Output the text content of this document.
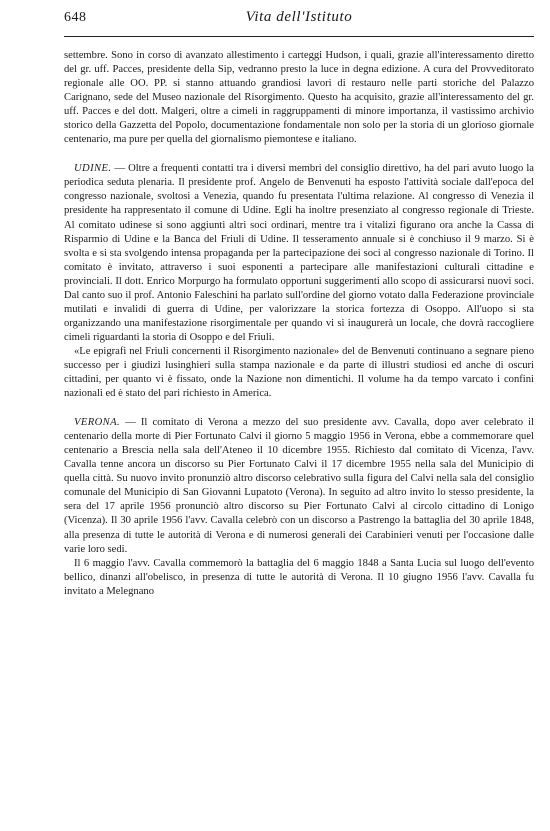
648	Vita dell'Istituto

settembre. Sono in corso di avanzato allestimento i carteggi Hudson, i quali, grazie all'interessamento diretto del gr. uff. Pacces, presidente della Sip, vedranno presto la luce in degna edizione. A cura del Provveditorato regionale alle OO. PP. si stanno attuando grandiosi lavori di restauro nelle parti storiche del Palazzo Carignano, sede del Museo nazionale del Risorgimento. Questo ha acquisito, grazie all'interessamento del gr. uff. Pacces e del dott. Malgeri, oltre a cimeli in raggruppamenti di minore importanza, il vastissimo archivio storico della Gazzetta del Popolo, documentazione fondamentale non solo per la storia di un glorioso giornale centenario, ma pure per quella del giornalismo piemontese e italiano.

UDINE. — Oltre a frequenti contatti tra i diversi membri del consiglio direttivo, ha del pari avuto luogo la periodica seduta plenaria. Il presidente prof. Angelo de Benvenuti ha esposto l'attività sociale dall'epoca del congresso nazionale, svoltosi a Venezia, quando fu presentata l'ultima relazione. Al congresso di Venezia il presidente ha rappresentato il comune di Udine. Egli ha inoltre presenziato al congresso regionale di Trieste. Al comitato udinese si sono aggiunti altri soci ordinari, mentre tra i vitalizi figurano ora anche la Cassa di Risparmio di Udine e la Banca del Friuli di Udine. Il tesseramento annuale si è conchiuso il 9 marzo. Si è svolta e si sta svolgendo intensa propaganda per la partecipazione dei soci al congresso nazionale di Torino. Il comitato è invitato, attraverso i suoi esponenti a partecipare alle manifestazioni culturali cittadine e provinciali. Il dott. Enrico Morpurgo ha formulato opportuni suggerimenti allo scopo di assicurarsi nuovi soci. Dal canto suo il prof. Antonio Faleschini ha parlato sull'ordine del giorno votato dalla Federazione provinciale mutilati e invalidi di guerra di Udine, per valorizzare la storica fortezza di Osoppo. All'uopo si sta organizzando una manifestazione risorgimentale per quando vi si inaugurerà un locale, che dovrà raccogliere cimeli riguardanti la storia di Osoppo e del Friuli.

«Le epigrafi nel Friuli concernenti il Risorgimento nazionale» del de Benvenuti continuano a segnare pieno successo per i giudizi lusinghieri sulla stampa nazionale e da parte di illustri studiosi ed anche di oscuri cittadini, per quanto vi è fissato, onde la Nazione non dimentichi. Il volume ha da tempo varcato i confini nazionali ed è stato del pari richiesto in America.

VERONA. — Il comitato di Verona a mezzo del suo presidente avv. Cavalla, dopo aver celebrato il centenario della morte di Pier Fortunato Calvi il giorno 5 maggio 1956 in Verona, ebbe a commemorare quel centenario a Brescia nella sala dell'Ateneo il 10 dicembre 1955. Richiesto dal comitato di Vicenza, l'avv. Cavalla tenne ancora un discorso su Pier Fortunato Calvi il 17 dicembre 1955 nella sala del Municipio di quella città. Su nuovo invito pronunziò altro discorso celebrativo sulla figura del Calvi nella sala del consiglio comunale del Municipio di San Giovanni Lupatoto (Verona). In seguito ad altro invito lo stesso presidente, la sera del 17 aprile 1956 pronunciò altro discorso su Pier Fortunato Calvi al circolo cittadino di Lonigo (Vicenza). Il 30 aprile 1956 l'avv. Cavalla celebrò con un discorso a Pastrengo la battaglia del 30 aprile 1848, alla presenza di tutte le autorità di Verona e di numerosi generali dei Carabinieri venuti per l'occasione dalle varie loro sedi.

Il 6 maggio l'avv. Cavalla commemorò la battaglia del 6 maggio 1848 a Santa Lucia sul luogo dell'evento bellico, dinanzi all'obelisco, in presenza di tutte le autorità di Verona. Il 10 giugno 1956 l'avv. Cavalla fu invitato a Melegnano
